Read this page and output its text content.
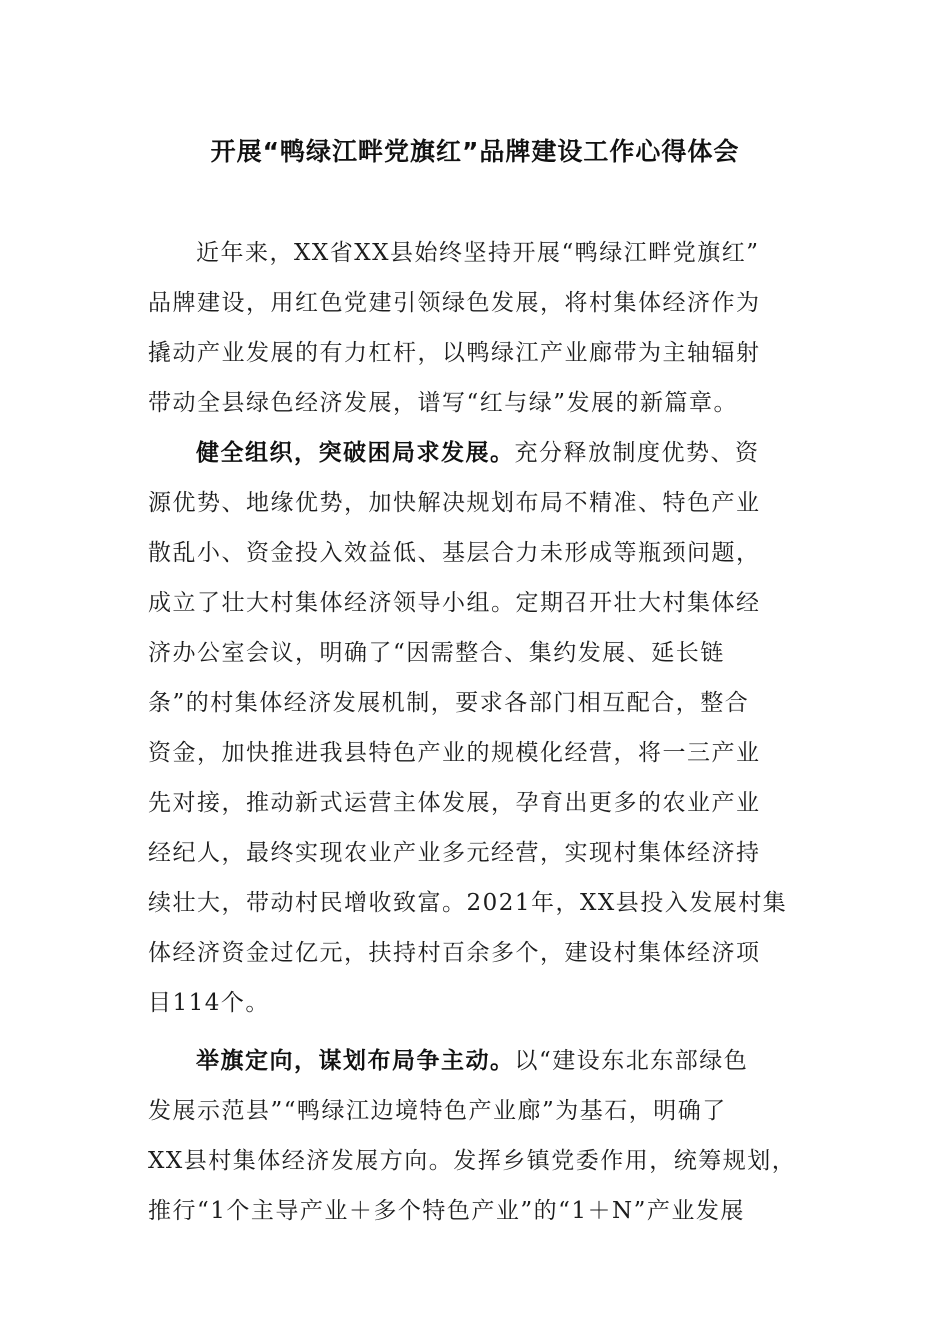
开展“鸭绿江畔党旗红”品牌建设工作心得体会
近年来，XX省XX县始终坚持开展“鸭绿江畔党旗红”
品牌建设，用红色党建引领绿色发展，将村集体经济作为
撬动产业发展的有力杠杆，以鸭绿江产业廊带为主轴辐射
带动全县绿色经济发展，谱写“红与绿”发展的新篇章。
健全组织，突破困局求发展。充分释放制度优势、资
源优势、地缘优势，加快解决规划布局不精准、特色产业
散乱小、资金投入效益低、基层合力未形成等瓶颈问题，
成立了壮大村集体经济领导小组。定期召开壮大村集体经
济办公室会议，明确了“因需整合、集约发展、延长链
条”的村集体经济发展机制，要求各部门相互配合，整合
资金，加快推进我县特色产业的规模化经营，将一三产业
先对接，推动新式运营主体发展，孕育出更多的农业产业
经纪人，最终实现农业产业多元经营，实现村集体经济持
续壮大，带动村民增收致富。2021年，XX县投入发展村集
体经济资金过亿元，扶持村百余多个，建设村集体经济项
目114个。
举旗定向，谋划布局争主动。以“建设东北东部绿色
发展示范县”“鸭绿江边境特色产业廊”为基石，明确了
XX县村集体经济发展方向。发挥乡镇党委作用，统筹规划，
推行“1个主导产业＋多个特色产业”的“1＋N”产业发展
